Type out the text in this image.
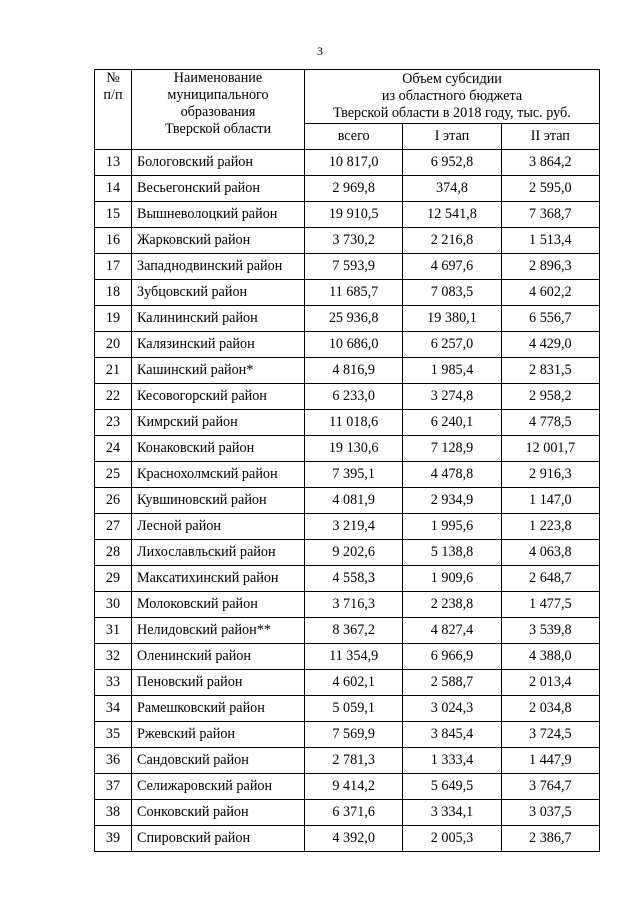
3
№
п/п	Наименование
муниципального
образования
Тверской области	Объем субсидии
из областного бюджета
Тверской области в 2018 году, тыс. руб.		

		всего	I этап	II этап
13	Бологовский район	10 817,0	6 952,8	3 864,2
14	Весьегонский район	2 969,8	374,8	2 595,0
15	Вышневолоцкий район	19 910,5	12 541,8	7 368,7
16	Жарковский район	3 730,2	2 216,8	1 513,4
17	Западнодвинский район	7 593,9	4 697,6	2 896,3
18	Зубцовский район	11 685,7	7 083,5	4 602,2
19	Калининский район	25 936,8	19 380,1	6 556,7
20	Калязинский район	10 686,0	6 257,0	4 429,0
21	Кашинский район*	4 816,9	1 985,4	2 831,5
22	Кесовогорский район	6 233,0	3 274,8	2 958,2
23	Кимрский район	11 018,6	6 240,1	4 778,5
24	Конаковский район	19 130,6	7 128,9	12 001,7
25	Краснохолмский район	7 395,1	4 478,8	2 916,3
26	Кувшиновский район	4 081,9	2 934,9	1 147,0
27	Лесной район	3 219,4	1 995,6	1 223,8
28	Лихославльский район	9 202,6	5 138,8	4 063,8
29	Максатихинский район	4 558,3	1 909,6	2 648,7
30	Молоковский район	3 716,3	2 238,8	1 477,5
31	Нелидовский район**	8 367,2	4 827,4	3 539,8
32	Оленинский район	11 354,9	6 966,9	4 388,0
33	Пеновский район	4 602,1	2 588,7	2 013,4
34	Рамешковский район	5 059,1	3 024,3	2 034,8
35	Ржевский район	7 569,9	3 845,4	3 724,5
36	Сандовский район	2 781,3	1 333,4	1 447,9
37	Селижаровский район	9 414,2	5 649,5	3 764,7
38	Сонковский район	6 371,6	3 334,1	3 037,5
39	Спировский район	4 392,0	2 005,3	2 386,7
